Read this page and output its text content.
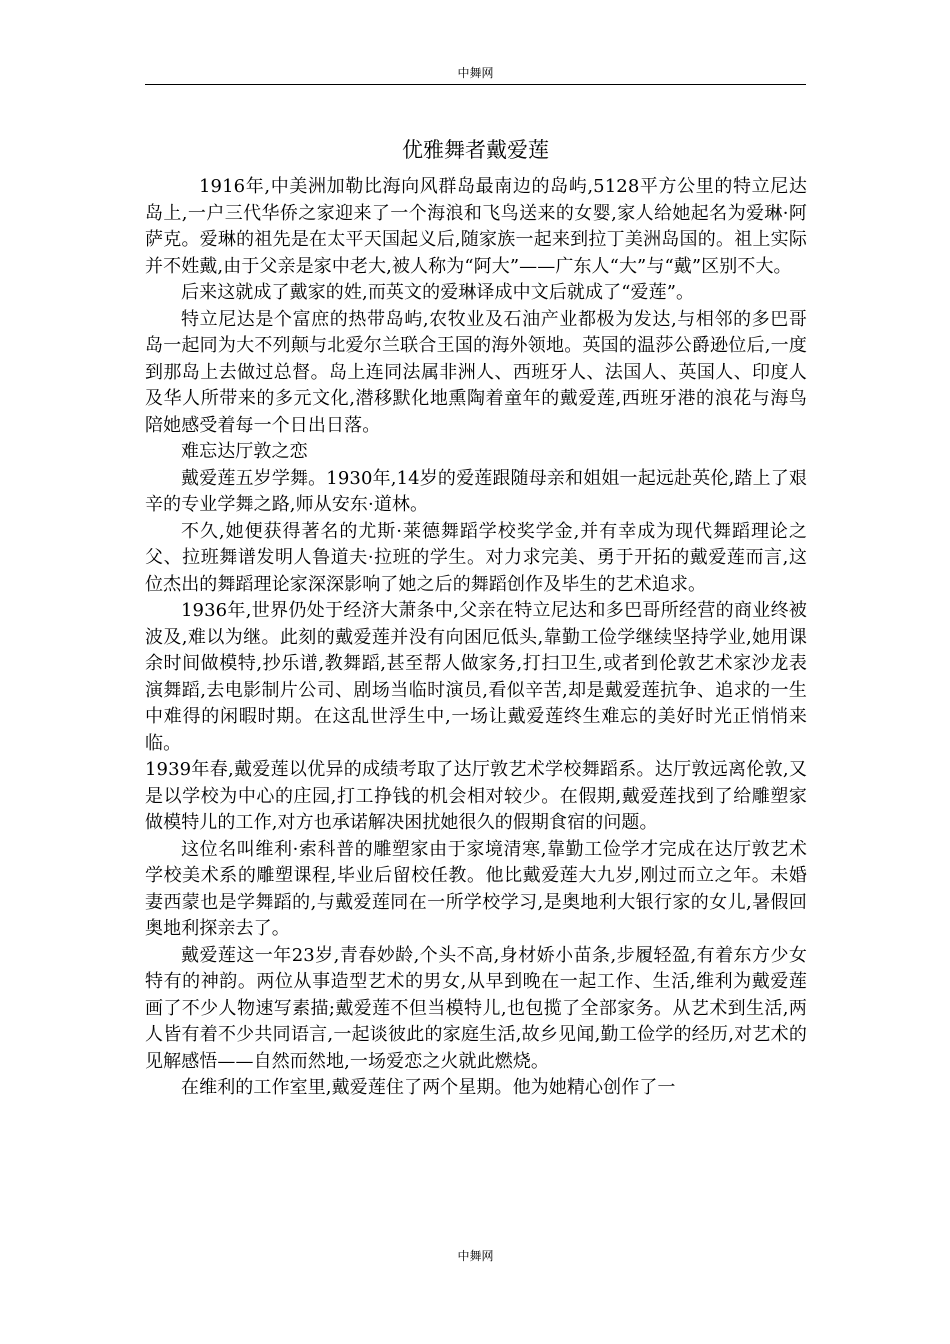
中舞网
优雅舞者戴爱莲

1916年,中美洲加勒比海向风群岛最南边的岛屿,5128平方公里的特立尼达岛上,一户三代华侨之家迎来了一个海浪和飞鸟送来的女婴,家人给她起名为爱琳·阿萨克。爱琳的祖先是在太平天国起义后,随家族一起来到拉丁美洲岛国的。祖上实际并不姓戴,由于父亲是家中老大,被人称为“阿大”——广东人“大”与“戴”区别不大。

后来这就成了戴家的姓,而英文的爱琳译成中文后就成了“爱莲”。

特立尼达是个富庶的热带岛屿,农牧业及石油产业都极为发达,与相邻的多巴哥岛一起同为大不列颠与北爱尔兰联合王国的海外领地。英国的温莎公爵逊位后,一度到那岛上去做过总督。岛上连同法属非洲人、西班牙人、法国人、英国人、印度人及华人所带来的多元文化,潜移默化地熏陶着童年的戴爱莲,西班牙港的浪花与海鸟陪她感受着每一个日出日落。

难忘达厅敦之恋

戴爱莲五岁学舞。1930年,14岁的爱莲跟随母亲和姐姐一起远赴英伦,踏上了艰辛的专业学舞之路,师从安东·道林。

不久,她便获得著名的尤斯·莱德舞蹈学校奖学金,并有幸成为现代舞蹈理论之父、拉班舞谱发明人鲁道夫·拉班的学生。对力求完美、勇于开拓的戴爱莲而言,这位杰出的舞蹈理论家深深影响了她之后的舞蹈创作及毕生的艺术追求。

1936年,世界仍处于经济大萧条中,父亲在特立尼达和多巴哥所经营的商业终被波及,难以为继。此刻的戴爱莲并没有向困厄低头,靠勤工俭学继续坚持学业,她用课余时间做模特,抄乐谱,教舞蹈,甚至帮人做家务,打扫卫生,或者到伦敦艺术家沙龙表演舞蹈,去电影制片公司、剧场当临时演员,看似辛苦,却是戴爱莲抗争、追求的一生中难得的闲暇时期。在这乱世浮生中,一场让戴爱莲终生难忘的美好时光正悄悄来临。

1939年春,戴爱莲以优异的成绩考取了达厅敦艺术学校舞蹈系。达厅敦远离伦敦,又是以学校为中心的庄园,打工挣钱的机会相对较少。在假期,戴爱莲找到了给雕塑家做模特儿的工作,对方也承诺解决困扰她很久的假期食宿的问题。

这位名叫维利·索科普的雕塑家由于家境清寒,靠勤工俭学才完成在达厅敦艺术学校美术系的雕塑课程,毕业后留校任教。他比戴爱莲大九岁,刚过而立之年。未婚妻西蒙也是学舞蹈的,与戴爱莲同在一所学校学习,是奥地利大银行家的女儿,暑假回奥地利探亲去了。

戴爱莲这一年23岁,青春妙龄,个头不高,身材娇小苗条,步履轻盈,有着东方少女特有的神韵。两位从事造型艺术的男女,从早到晚在一起工作、生活,维利为戴爱莲画了不少人物速写素描;戴爱莲不但当模特儿,也包揽了全部家务。从艺术到生活,两人皆有着不少共同语言,一起谈彼此的家庭生活,故乡见闻,勤工俭学的经历,对艺术的见解感悟——自然而然地,一场爱恋之火就此燃烧。

在维利的工作室里,戴爱莲住了两个星期。他为她精心创作了一

中舞网
